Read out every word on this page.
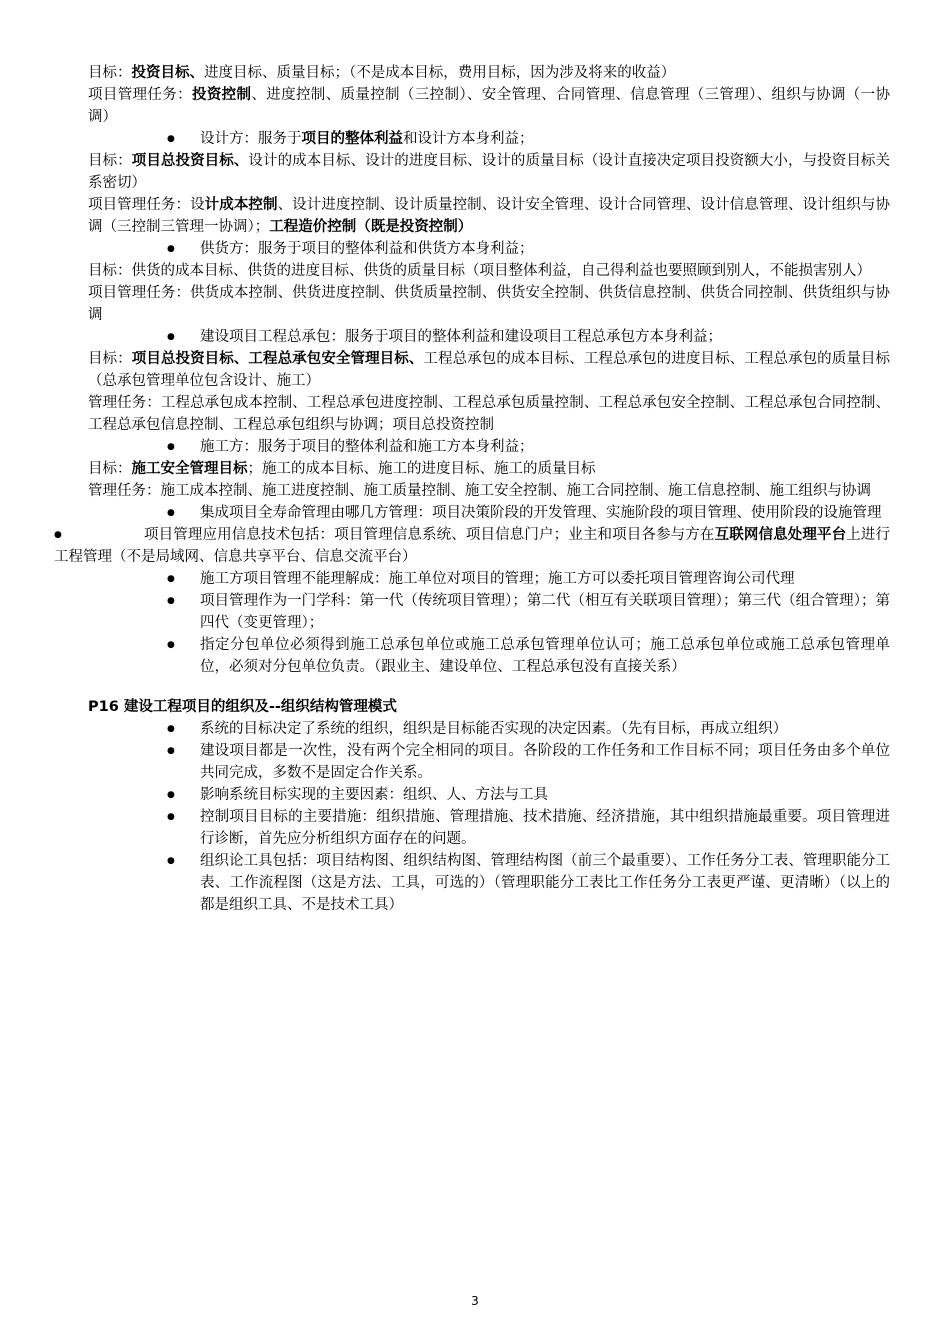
目标：投资目标、进度目标、质量目标；（不是成本目标，费用目标，因为涉及将来的收益）
项目管理任务：投资控制、进度控制、质量控制（三控制）、安全管理、合同管理、信息管理（三管理）、组织与协调（一协调）
● 设计方：服务于项目的整体利益和设计方本身利益；
目标：项目总投资目标、设计的成本目标、设计的进度目标、设计的质量目标（设计直接决定项目投资额大小，与投资目标关系密切）
项目管理任务：设计成本控制、设计进度控制、设计质量控制、设计安全管理、设计合同管理、设计信息管理、设计组织与协调（三控制三管理一协调）；工程造价控制（既是投资控制）
● 供货方：服务于项目的整体利益和供货方本身利益；
目标：供货的成本目标、供货的进度目标、供货的质量目标（项目整体利益，自己得利益也要照顾到别人，不能损害别人）
项目管理任务：供货成本控制、供货进度控制、供货质量控制、供货安全控制、供货信息控制、供货合同控制、供货组织与协调
● 建设项目工程总承包：服务于项目的整体利益和建设项目工程总承包方本身利益；
目标：项目总投资目标、工程总承包安全管理目标、工程总承包的成本目标、工程总承包的进度目标、工程总承包的质量目标（总承包管理单位包含设计、施工）
管理任务：工程总承包成本控制、工程总承包进度控制、工程总承包质量控制、工程总承包安全控制、工程总承包合同控制、工程总承包信息控制、工程总承包组织与协调；项目总投资控制
● 施工方：服务于项目的整体利益和施工方本身利益；
目标：施工安全管理目标；施工的成本目标、施工的进度目标、施工的质量目标
管理任务：施工成本控制、施工进度控制、施工质量控制、施工安全控制、施工合同控制、施工信息控制、施工组织与协调
● 集成项目全寿命管理由哪几方管理：项目决策阶段的开发管理、实施阶段的项目管理、使用阶段的设施管理
● 项目管理应用信息技术包括：项目管理信息系统、项目信息门户；业主和项目各参与方在互联网信息处理平台上进行工程管理（不是局域网、信息共享平台、信息交流平台）
● 施工方项目管理不能理解成：施工单位对项目的管理；施工方可以委托项目管理咨询公司代理
● 项目管理作为一门学科：第一代（传统项目管理）；第二代（相互有关联项目管理）；第三代（组合管理）；第四代（变更管理）；
● 指定分包单位必须得到施工总承包单位或施工总承包管理单位认可；施工总承包单位或施工总承包管理单位，必须对分包单位负责。（跟业主、建设单位、工程总承包没有直接关系）
P16 建设工程项目的组织及--组织结构管理模式
● 系统的目标决定了系统的组织，组织是目标能否实现的决定因素。（先有目标，再成立组织）
● 建设项目都是一次性，没有两个完全相同的项目。各阶段的工作任务和工作目标不同；项目任务由多个单位共同完成，多数不是固定合作关系。
● 影响系统目标实现的主要因素：组织、人、方法与工具
● 控制项目目标的主要措施：组织措施、管理措施、技术措施、经济措施，其中组织措施最重要。项目管理进行诊断，首先应分析组织方面存在的问题。
● 组织论工具包括：项目结构图、组织结构图、管理结构图（前三个最重要）、工作任务分工表、管理职能分工表、工作流程图（这是方法、工具，可选的）（管理职能分工表比工作任务分工表更严谨、更清晰）（以上的都是组织工具、不是技术工具）
3
